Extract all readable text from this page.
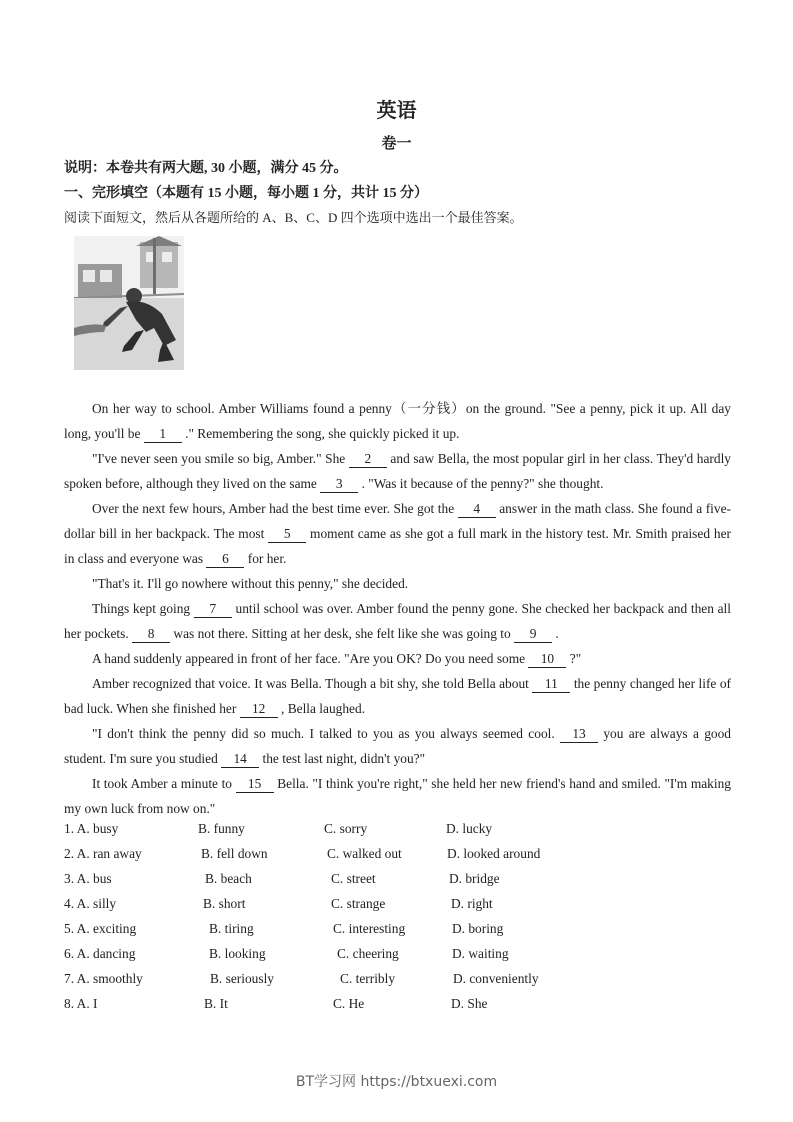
英语
卷一
说明：本卷共有两大题, 30 小题，满分 45 分。
一、完形填空（本题有 15 小题，每小题 1 分，共计 15 分）
阅读下面短文，然后从各题所给的 A、B、C、D 四个选项中选出一个最佳答案。

On her way to school. Amber Williams found a penny（一分钱）on the ground. "See a penny, pick it up. All day long, you'll be 1 ." Remembering the song, she quickly picked it up.

"I've never seen you smile so big, Amber." She 2 and saw Bella, the most popular girl in her class. They'd hardly spoken before, although they lived on the same 3 . "Was it because of the penny?" she thought.

Over the next few hours, Amber had the best time ever. She got the 4 answer in the math class. She found a five-dollar bill in her backpack. The most 5 moment came as she got a full mark in the history test. Mr. Smith praised her in class and everyone was 6 for her.

"That's it. I'll go nowhere without this penny," she decided.

Things kept going 7 until school was over. Amber found the penny gone. She checked her backpack and then all her pockets. 8 was not there. Sitting at her desk, she felt like she was going to 9 .

A hand suddenly appeared in front of her face. "Are you OK? Do you need some 10 ?"

Amber recognized that voice. It was Bella. Though a bit shy, she told Bella about 11 the penny changed her life of bad luck. When she finished her 12 , Bella laughed.

"I don't think the penny did so much. I talked to you as you always seemed cool. 13 you are always a good student. I'm sure you studied 14 the test last night, didn't you?"

It took Amber a minute to 15 Bella. "I think you're right," she held her new friend's hand and smiled. "I'm making my own luck from now on."

1. A. busy	B. funny	C. sorry	D. lucky
2. A. ran away	B. fell down	C. walked out	D. looked around
3. A. bus	B. beach	C. street	D. bridge
4. A. silly	B. short	C. strange	D. right
5. A. exciting	B. tiring	C. interesting	D. boring
6. A. dancing	B. looking	C. cheering	D. waiting
7. A. smoothly	B. seriously	C. terribly	D. conveniently
8. A. I	B. It	C. He	D. She
BT学习网 https://btxuexi.com
